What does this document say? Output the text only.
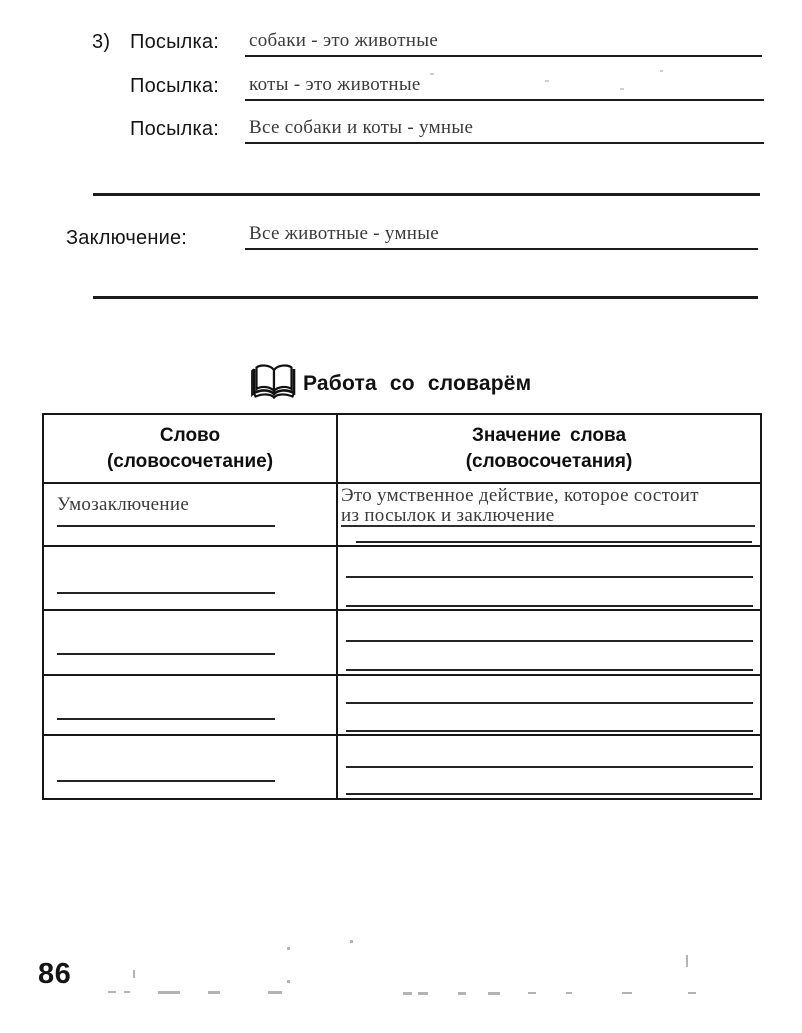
3) Посылка: собаки - это животные
Посылка: коты - это животные
Посылка: Все собаки и коты - умные
Заключение:	Все животные - умные
Работа со словарём
Слово
(словосочетание)
Значение слова
(словосочетания)
Умозаключение	Это умственное действие, которое состоит
из посылок и заключение
86
